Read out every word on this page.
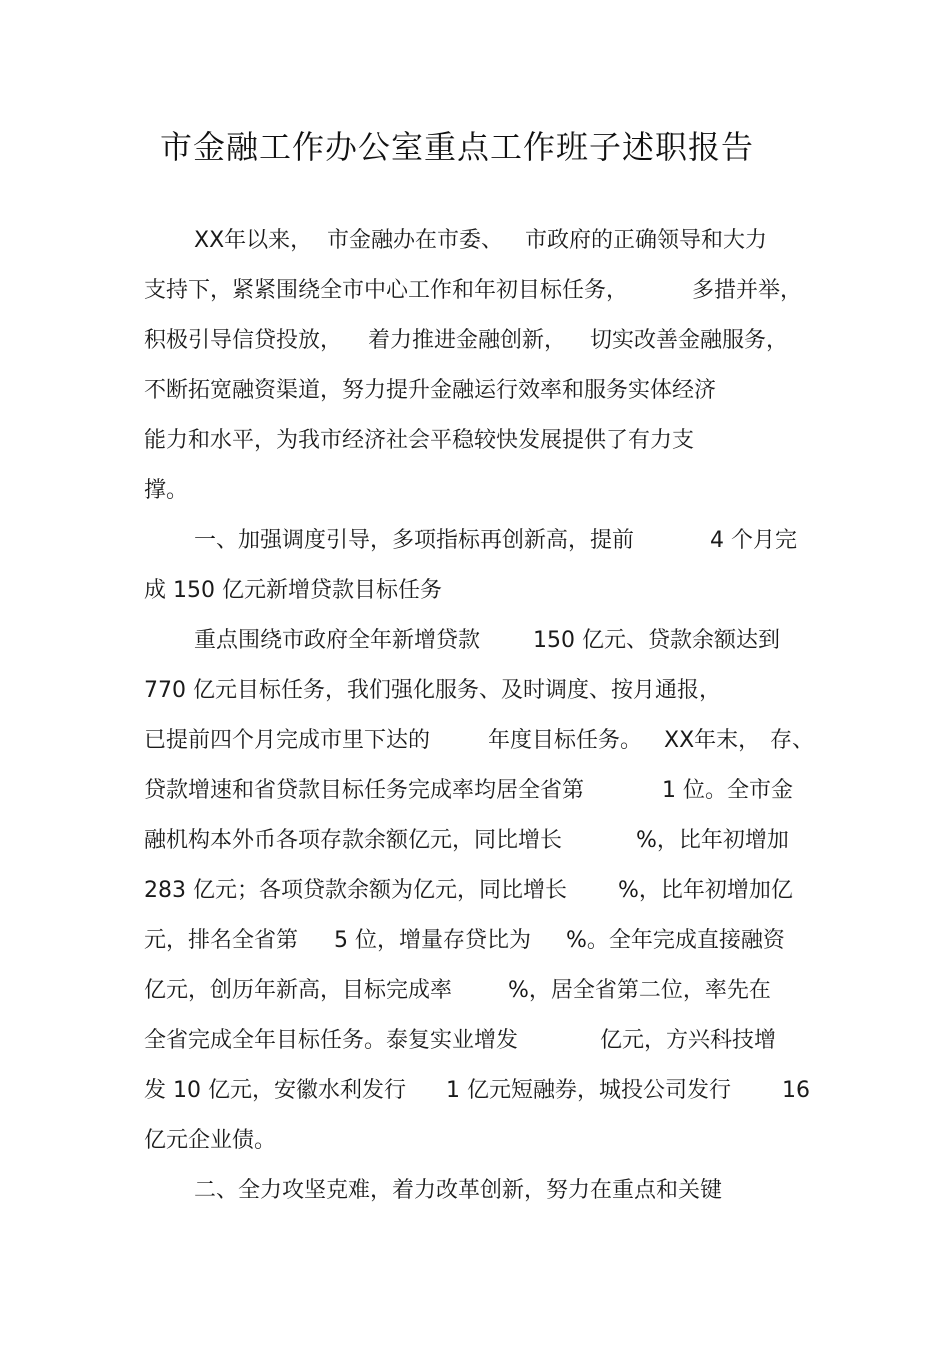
市金融工作办公室重点工作班子述职报告
XX年以来， 市金融办在市委、 市政府的正确领导和大力
支持下，紧紧围绕全市中心工作和年初目标任务，	多措并举，
积极引导信贷投放， 着力推进金融创新， 切实改善金融服务，
不断拓宽融资渠道，努力提升金融运行效率和服务实体经济
能力和水平，为我市经济社会平稳较快发展提供了有力支
撑。
一、加强调度引导，多项指标再创新高，提前	4 个月完
成 150 亿元新增贷款目标任务
重点围绕市政府全年新增贷款 150 亿元、贷款余额达到
770 亿元目标任务，我们强化服务、及时调度、按月通报，
已提前四个月完成市里下达的	年度目标任务。 XX年末， 存、
贷款增速和省贷款目标任务完成率均居全省第	1 位。全市金
融机构本外币各项存款余额亿元，同比增长	%，比年初增加
283 亿元；各项贷款余额为亿元，同比增长 %，比年初增加亿
元，排名全省第 5 位，增量存贷比为 %。全年完成直接融资
亿元，创历年新高，目标完成率	%，居全省第二位，率先在
全省完成全年目标任务。泰复实业增发	亿元，方兴科技增
发 10 亿元，安徽水利发行 1 亿元短融券，城投公司发行 16
亿元企业债。
二、全力攻坚克难，着力改革创新，努力在重点和关键
